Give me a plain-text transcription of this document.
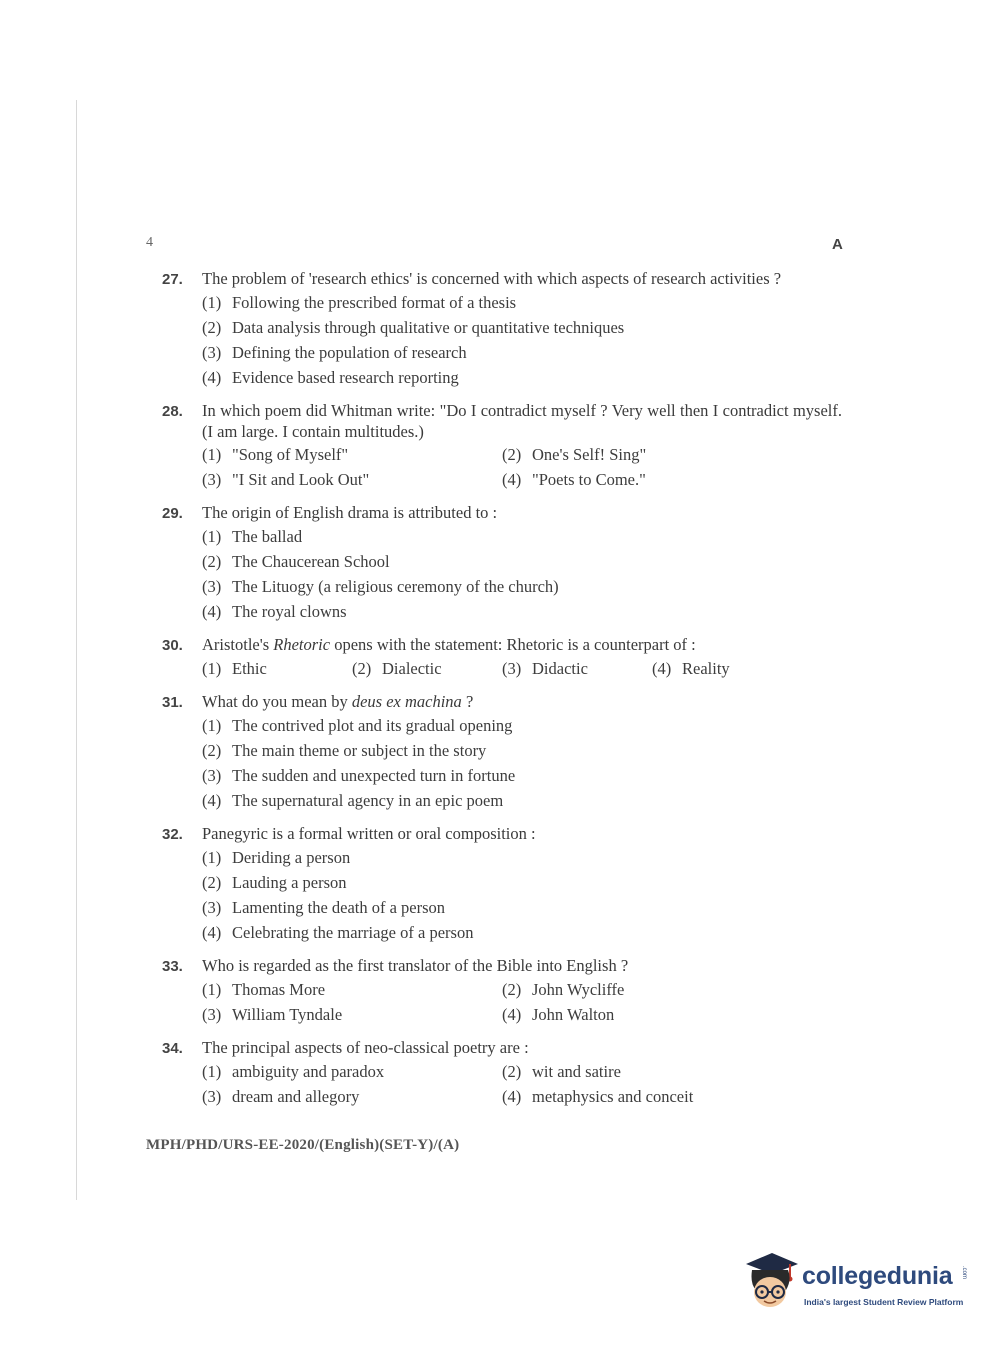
4	A
27.	The problem of 'research ethics' is concerned with which aspects of research activities ?
(1) Following the prescribed format of a thesis
(2) Data analysis through qualitative or quantitative techniques
(3) Defining the population of research
(4) Evidence based research reporting
28.	In which poem did Whitman write: "Do I contradict myself ? Very well then I contradict myself. (I am large. I contain multitudes.)
(1) "Song of Myself"	(2) One's Self! Sing"
(3) "I Sit and Look Out"	(4) "Poets to Come."
29.	The origin of English drama is attributed to :
(1) The ballad
(2) The Chaucerean School
(3) The Lituogy (a religious ceremony of the church)
(4) The royal clowns
30.	Aristotle's Rhetoric opens with the statement: Rhetoric is a counterpart of :
(1) Ethic	(2) Dialectic	(3) Didactic	(4) Reality
31.	What do you mean by deus ex machina ?
(1) The contrived plot and its gradual opening
(2) The main theme or subject in the story
(3) The sudden and unexpected turn in fortune
(4) The supernatural agency in an epic poem
32.	Panegyric is a formal written or oral composition :
(1) Deriding a person
(2) Lauding a person
(3) Lamenting the death of a person
(4) Celebrating the marriage of a person
33.	Who is regarded as the first translator of the Bible into English ?
(1) Thomas More	(2) John Wycliffe
(3) William Tyndale	(4) John Walton
34.	The principal aspects of neo-classical poetry are :
(1) ambiguity and paradox	(2) wit and satire
(3) dream and allegory	(4) metaphysics and conceit
MPH/PHD/URS-EE-2020/(English)(SET-Y)/(A)
collegedunia .com
India's largest Student Review Platform
